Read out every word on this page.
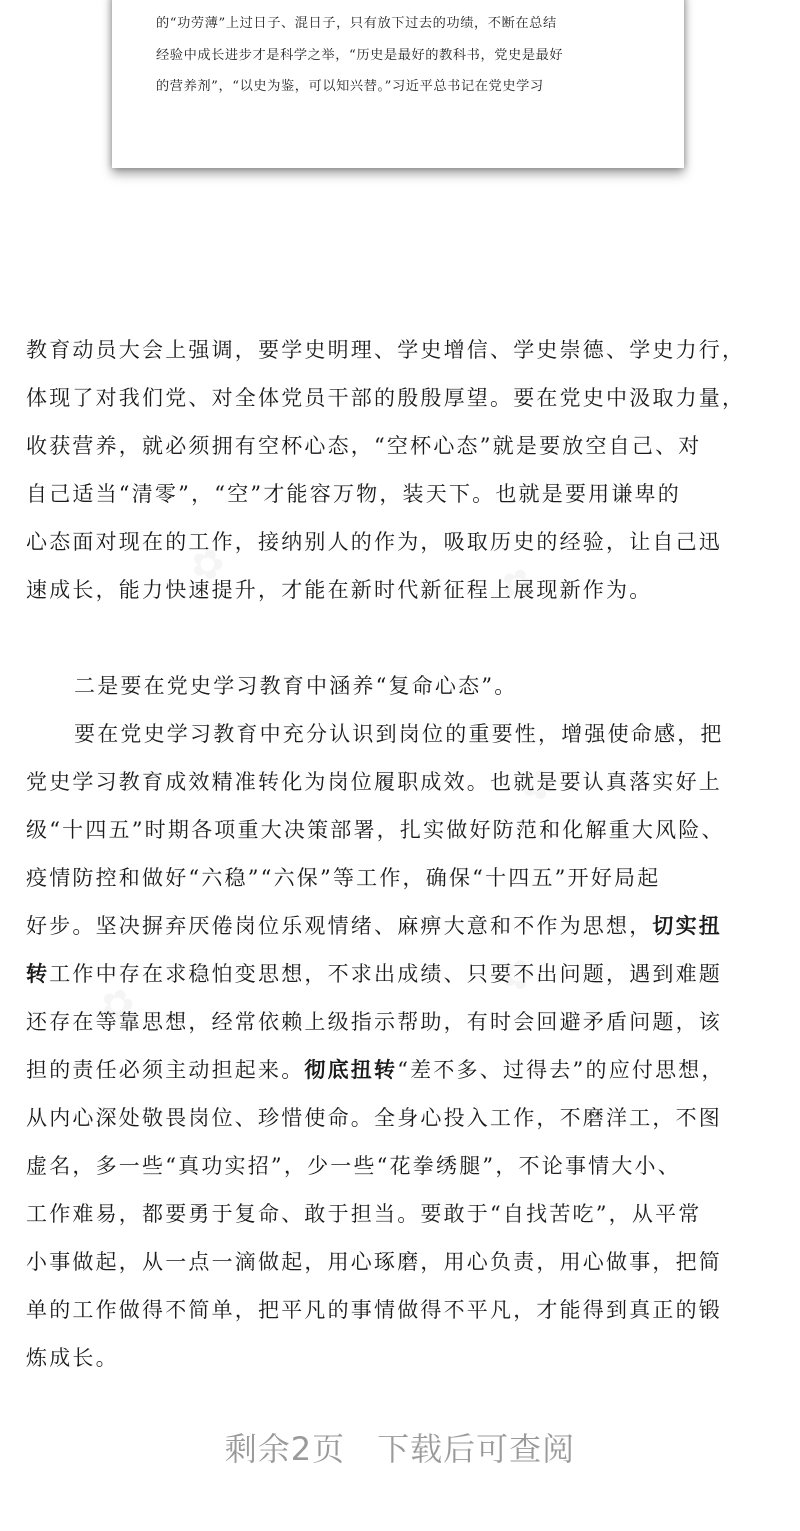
的“功劳薄”上过日子、混日子，只有放下过去的功绩，不断在总结
经验中成长进步才是科学之举，“历史是最好的教科书，党史是最好
的营养剂”，“以史为鉴，可以知兴替。”习近平总书记在党史学习
教育动员大会上强调，要学史明理、学史增信、学史崇德、学史力行，
体现了对我们党、对全体党员干部的殷殷厚望。要在党史中汲取力量，
收获营养，就必须拥有空杯心态，“空杯心态”就是要放空自己、对
自己适当“清零”，“空”才能容万物，装天下。也就是要用谦卑的
心态面对现在的工作，接纳别人的作为，吸取历史的经验，让自己迅
速成长，能力快速提升，才能在新时代新征程上展现新作为。
二是要在党史学习教育中涵养“复命心态”。
要在党史学习教育中充分认识到岗位的重要性，增强使命感，把
党史学习教育成效精准转化为岗位履职成效。也就是要认真落实好上
级“十四五”时期各项重大决策部署，扎实做好防范和化解重大风险、
疫情防控和做好“六稳”“六保”等工作，确保“十四五”开好局起
好步。坚决摒弃厌倦岗位乐观情绪、麻痹大意和不作为思想，切实扭
转工作中存在求稳怕变思想，不求出成绩、只要不出问题，遇到难题
还存在等靠思想，经常依赖上级指示帮助，有时会回避矛盾问题，该
担的责任必须主动担起来。彻底扭转“差不多、过得去”的应付思想，
从内心深处敬畏岗位、珍惜使命。全身心投入工作，不磨洋工，不图
虚名，多一些“真功实招”，少一些“花拳绣腿”，不论事情大小、
工作难易，都要勇于复命、敢于担当。要敢于“自找苦吃”，从平常
小事做起，从一点一滴做起，用心琢磨，用心负责，用心做事，把简
单的工作做得不简单，把平凡的事情做得不平凡，才能得到真正的锻
炼成长。
剩余2页 下载后可查阅
